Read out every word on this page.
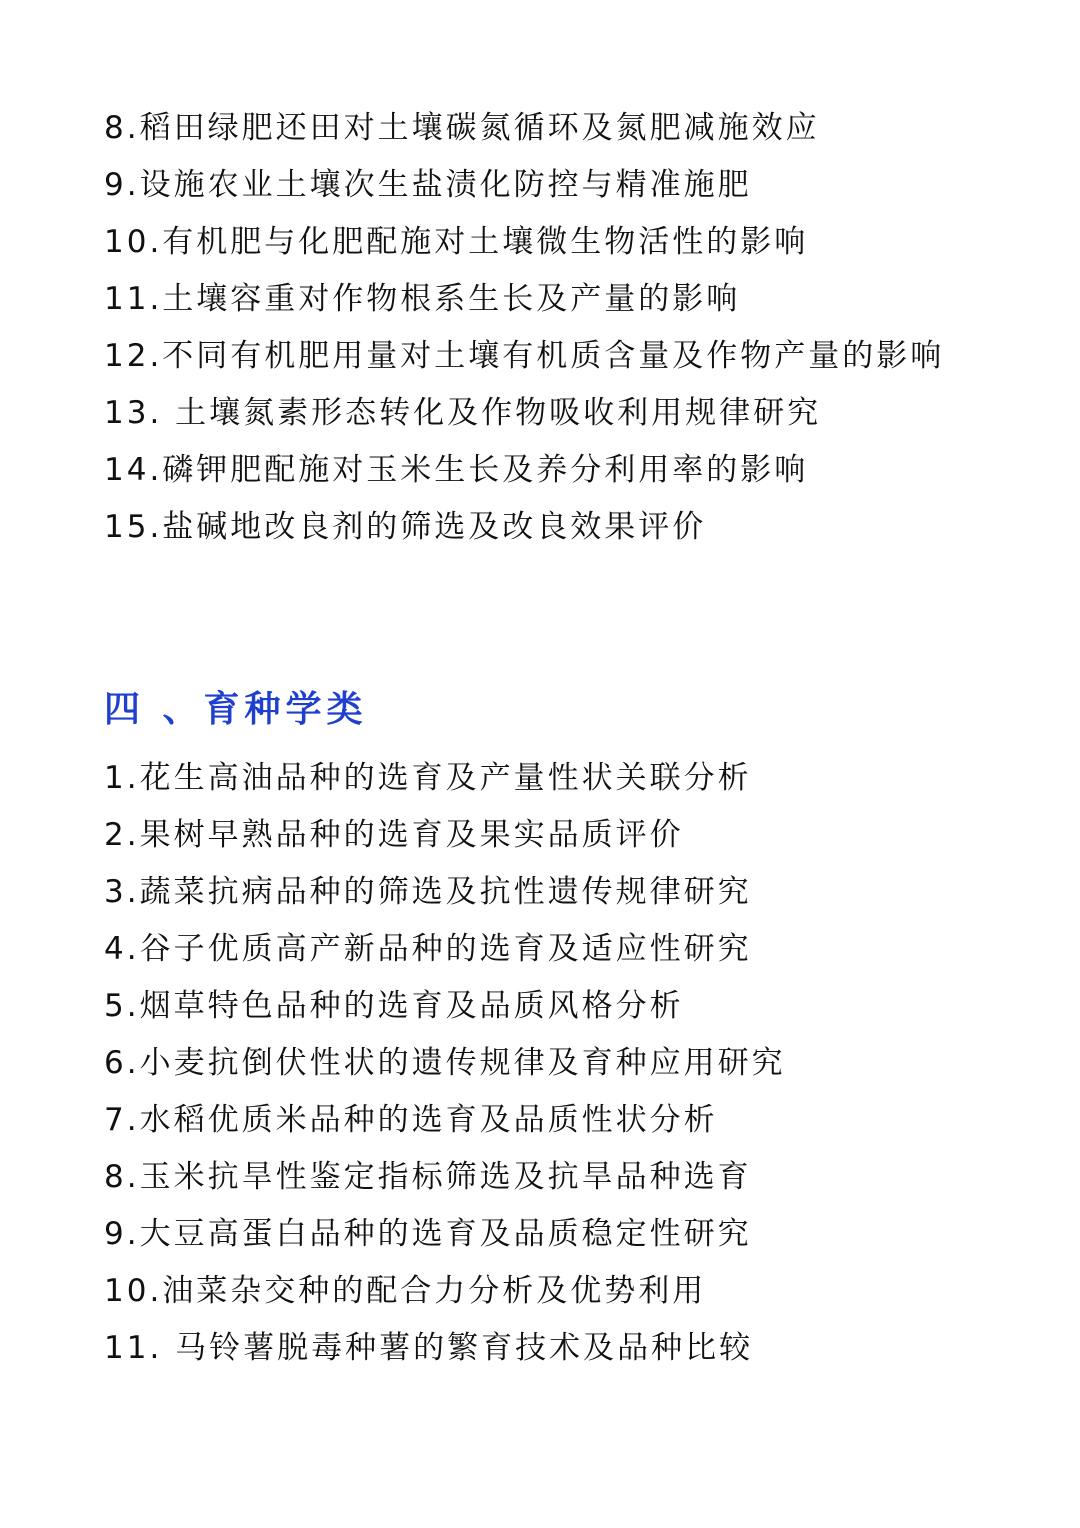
8.稻田绿肥还田对土壤碳氮循环及氮肥减施效应
9.设施农业土壤次生盐渍化防控与精准施肥
10.有机肥与化肥配施对土壤微生物活性的影响
11.土壤容重对作物根系生长及产量的影响
12.不同有机肥用量对土壤有机质含量及作物产量的影响
13. 土壤氮素形态转化及作物吸收利用规律研究
14.磷钾肥配施对玉米生长及养分利用率的影响
15.盐碱地改良剂的筛选及改良效果评价
四 、育种学类
1.花生高油品种的选育及产量性状关联分析
2.果树早熟品种的选育及果实品质评价
3.蔬菜抗病品种的筛选及抗性遗传规律研究
4.谷子优质高产新品种的选育及适应性研究
5.烟草特色品种的选育及品质风格分析
6.小麦抗倒伏性状的遗传规律及育种应用研究
7.水稻优质米品种的选育及品质性状分析
8.玉米抗旱性鉴定指标筛选及抗旱品种选育
9.大豆高蛋白品种的选育及品质稳定性研究
10.油菜杂交种的配合力分析及优势利用
11. 马铃薯脱毒种薯的繁育技术及品种比较
